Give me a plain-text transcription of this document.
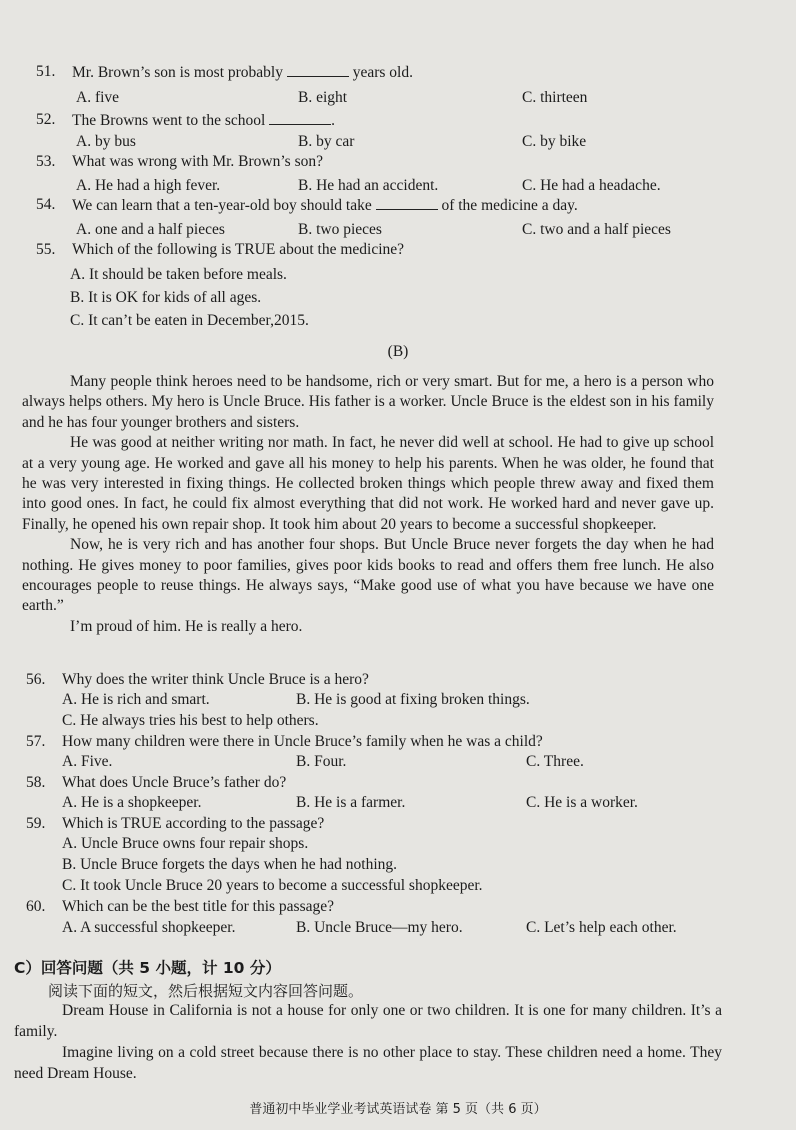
51. Mr. Brown’s son is most probably	years old.
A. five	B. eight	C. thirteen
52. The Browns went to the school	.
A. by bus	B. by car	C. by bike
53. What was wrong with Mr. Brown’s son?
A. He had a high fever.	B. He had an accident.	C. He had a headache.
54. We can learn that a ten-year-old boy should take	of the medicine a day.
A. one and a half pieces	B. two pieces	C. two and a half pieces
55. Which of the following is TRUE about the medicine?
A. It should be taken before meals.
B. It is OK for kids of all ages.
C. It can’t be eaten in December,2015.
(B)

Many people think heroes need to be handsome, rich or very smart. But for me, a hero is a person who always helps others. My hero is Uncle Bruce. His father is a worker. Uncle Bruce is the eldest son in his family and he has four younger brothers and sisters.

He was good at neither writing nor math. In fact, he never did well at school. He had to give up school at a very young age. He worked and gave all his money to help his parents. When he was older, he found that he was very interested in fixing things. He collected broken things which people threw away and fixed them into good ones. In fact, he could fix almost everything that did not work. He worked hard and never gave up. Finally, he opened his own repair shop. It took him about 20 years to become a successful shopkeeper.

Now, he is very rich and has another four shops. But Uncle Bruce never forgets the day when he had nothing. He gives money to poor families, gives poor kids books to read and offers them free lunch. He also encourages people to reuse things. He always says, “Make good use of what you have because we have one earth.”

I’m proud of him. He is really a hero.

56. Why does the writer think Uncle Bruce is a hero?
A. He is rich and smart.	B. He is good at fixing broken things.
C. He always tries his best to help others.
57. How many children were there in Uncle Bruce’s family when he was a child?
A. Five.	B. Four.	C. Three.
58. What does Uncle Bruce’s father do?
A. He is a shopkeeper.	B. He is a farmer.	C. He is a worker.
59. Which is TRUE according to the passage?
A. Uncle Bruce owns four repair shops.
B. Uncle Bruce forgets the days when he had nothing.
C. It took Uncle Bruce 20 years to become a successful shopkeeper.
60. Which can be the best title for this passage?
A. A successful shopkeeper.	B. Uncle Bruce—my hero.	C. Let’s help each other.
C）回答问题（共 5 小题，计 10 分）
阅读下面的短文，然后根据短文内容回答问题。

Dream House in California is not a house for only one or two children. It is one for many children. It’s a family.

Imagine living on a cold street because there is no other place to stay. These children need a home. They need Dream House.

普通初中毕业学业考试英语试卷 第 5 页（共 6 页）
